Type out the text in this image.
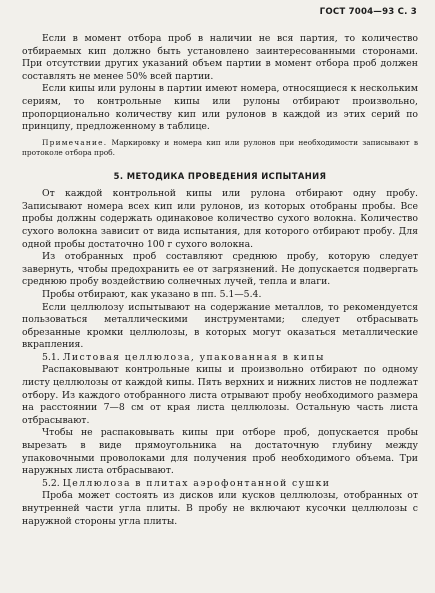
ГОСТ 7004—93 С. 3

Если в момент отбора проб в наличии не вся партия, то количество отбираемых кип должно быть установлено заинтересованными сторонами. При отсутствии других указаний объем партии в момент отбора проб должен составлять не менее 50% всей партии.

Если кипы или рулоны в партии имеют номера, относящиеся к нескольким сериям, то контрольные кипы или рулоны отбирают произвольно, пропорционально количеству кип или рулонов в каждой из этих серий по принципу, предложенному в таблице.

Примечание. Маркировку и номера кип или рулонов при необходимости записывают в протоколе отбора проб.

5. МЕТОДИКА ПРОВЕДЕНИЯ ИСПЫТАНИЯ

От каждой контрольной кипы или рулона отбирают одну пробу. Записывают номера всех кип или рулонов, из которых отобраны пробы. Все пробы должны содержать одинаковое количество сухого волокна. Количество сухого волокна зависит от вида испытания, для которого отбирают пробу. Для одной пробы достаточно 100 г сухого волокна.

Из отобранных проб составляют среднюю пробу, которую следует завернуть, чтобы предохранить ее от загрязнений. Не допускается подвергать среднюю пробу воздействию солнечных лучей, тепла и влаги.

Пробы отбирают, как указано в пп. 5.1—5.4.

Если целлюлозу испытывают на содержание металлов, то рекомендуется пользоваться металлическими инструментами; следует отбрасывать обрезанные кромки целлюлозы, в которых могут оказаться металлические вкрапления.

5.1. Листовая целлюлоза, упакованная в кипы

Распаковывают контрольные кипы и произвольно отбирают по одному листу целлюлозы от каждой кипы. Пять верхних и нижних листов не подлежат отбору. Из каждого отобранного листа отрывают пробу необходимого размера на расстоянии 7—8 см от края листа целлюлозы. Остальную часть листа отбрасывают.

Чтобы не распаковывать кипы при отборе проб, допускается пробы вырезать в виде прямоугольника на достаточную глубину между упаковочными проволоками для получения проб необходимого объема. Три наружных листа отбрасывают.

5.2. Целлюлоза в плитах аэрофонтанной сушки

Проба может состоять из дисков или кусков целлюлозы, отобранных от внутренней части угла плиты. В пробу не включают кусочки целлюлозы с наружной стороны угла плиты.
